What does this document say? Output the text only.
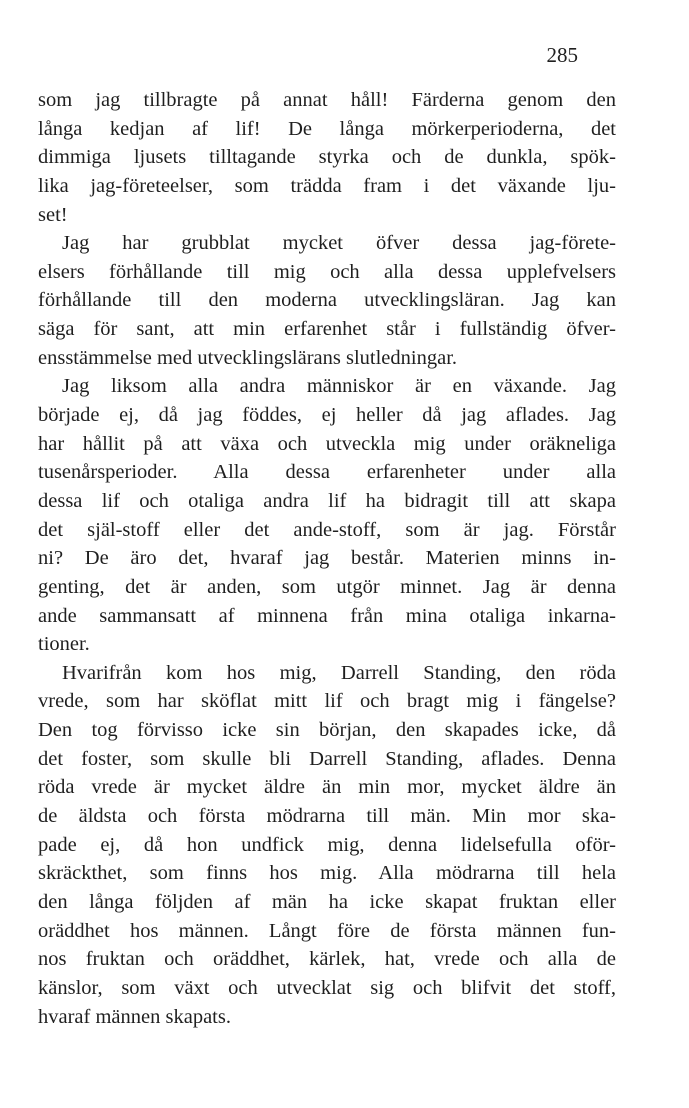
285
som jag tillbragte på annat håll! Färderna genom den
långa kedjan af lif! De långa mörkerperioderna, det
dimmiga ljusets tilltagande styrka och de dunkla, spök-
lika jag-företeelser, som trädda fram i det växande lju-
set!
Jag har grubblat mycket öfver dessa jag-förete-
elsers förhållande till mig och alla dessa upplefvelsers
förhållande till den moderna utvecklingsläran. Jag kan
säga för sant, att min erfarenhet står i fullständig öfver-
ensstämmelse med utvecklingslärans slutledningar.
Jag liksom alla andra människor är en växande. Jag
började ej, då jag föddes, ej heller då jag aflades. Jag
har hållit på att växa och utveckla mig under oräkneliga
tusenårsperioder. Alla dessa erfarenheter under alla
dessa lif och otaliga andra lif ha bidragit till att skapa
det själ-stoff eller det ande-stoff, som är jag. Förstår
ni? De äro det, hvaraf jag består. Materien minns in-
genting, det är anden, som utgör minnet. Jag är denna
ande sammansatt af minnena från mina otaliga inkarna-
tioner.
Hvarifrån kom hos mig, Darrell Standing, den röda
vrede, som har sköflat mitt lif och bragt mig i fängelse?
Den tog förvisso icke sin början, den skapades icke, då
det foster, som skulle bli Darrell Standing, aflades. Denna
röda vrede är mycket äldre än min mor, mycket äldre än
de äldsta och första mödrarna till män. Min mor ska-
pade ej, då hon undfick mig, denna lidelsefulla oför-
skräckthet, som finns hos mig. Alla mödrarna till hela
den långa följden af män ha icke skapat fruktan eller
oräddhet hos männen. Långt före de första männen fun-
nos fruktan och oräddhet, kärlek, hat, vrede och alla de
känslor, som växt och utvecklat sig och blifvit det stoff,
hvaraf männen skapats.
